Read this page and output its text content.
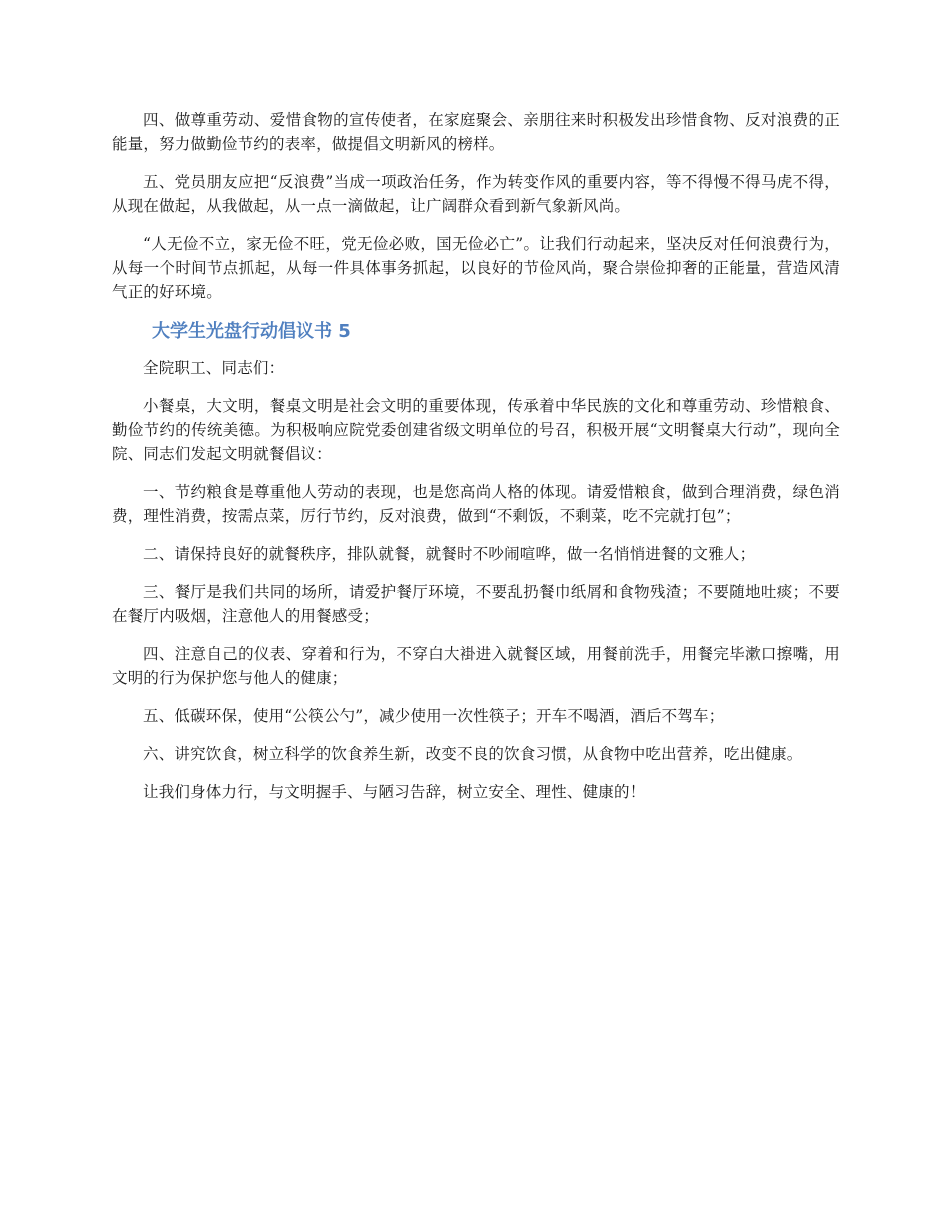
四、做尊重劳动、爱惜食物的宣传使者，在家庭聚会、亲朋往来时积极发出珍惜食物、反对浪费的正能量，努力做勤俭节约的表率，做提倡文明新风的榜样。

五、党员朋友应把“反浪费”当成一项政治任务，作为转变作风的重要内容，等不得慢不得马虎不得，从现在做起，从我做起，从一点一滴做起，让广阔群众看到新气象新风尚。

“人无俭不立，家无俭不旺，党无俭必败，国无俭必亡”。让我们行动起来，坚决反对任何浪费行为，从每一个时间节点抓起，从每一件具体事务抓起，以良好的节俭风尚，聚合崇俭抑奢的正能量，营造风清气正的好环境。

大学生光盘行动倡议书 5

全院职工、同志们：

小餐桌，大文明，餐桌文明是社会文明的重要体现，传承着中华民族的文化和尊重劳动、珍惜粮食、勤俭节约的传统美德。为积极响应院党委创建省级文明单位的号召，积极开展“文明餐桌大行动”，现向全院、同志们发起文明就餐倡议：

一、节约粮食是尊重他人劳动的表现，也是您高尚人格的体现。请爱惜粮食，做到合理消费，绿色消费，理性消费，按需点菜，厉行节约，反对浪费，做到“不剩饭，不剩菜，吃不完就打包”；

二、请保持良好的就餐秩序，排队就餐，就餐时不吵闹喧哗，做一名悄悄进餐的文雅人；

三、餐厅是我们共同的场所，请爱护餐厅环境，不要乱扔餐巾纸屑和食物残渣；不要随地吐痰；不要在餐厅内吸烟，注意他人的用餐感受；

四、注意自己的仪表、穿着和行为，不穿白大褂进入就餐区域，用餐前洗手，用餐完毕漱口擦嘴，用文明的行为保护您与他人的健康；

五、低碳环保，使用“公筷公勺”，减少使用一次性筷子；开车不喝酒，酒后不驾车；

六、讲究饮食，树立科学的饮食养生新，改变不良的饮食习惯，从食物中吃出营养，吃出健康。

让我们身体力行，与文明握手、与陋习告辞，树立安全、理性、健康的！
